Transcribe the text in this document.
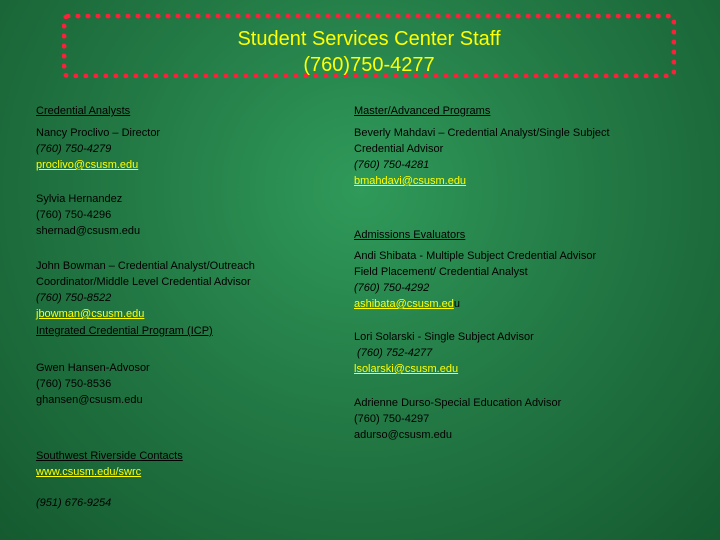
Student Services Center Staff
(760)750-4277
Credential Analysts
Nancy Proclivo – Director
(760) 750-4279
proclivo@csusm.edu
Sylvia Hernandez
(760) 750-4296
shernad@csusm.edu
John Bowman – Credential Analyst/Outreach
Coordinator/Middle Level Credential Advisor
(760) 750-8522
jbowman@csusm.edu
Integrated Credential Program (ICP)
Gwen Hansen-Advosor
(760) 750-8536
ghansen@csusm.edu
Southwest Riverside Contacts
www.csusm.edu/swrc
(951) 676-9254
Master/Advanced Programs
Beverly Mahdavi – Credential Analyst/Single Subject
Credential Advisor
(760) 750-4281
bmahdavi@csusm.edu
Admissions Evaluators
Andi Shibata - Multiple Subject Credential Advisor
Field Placement/ Credential Analyst
(760) 750-4292
ashibata@csusm.edu
Lori Solarski - Single Subject Advisor
(760) 752-4277
lsolarski@csusm.edu
Adrienne Durso-Special Education Advisor
(760) 750-4297
adurso@csusm.edu
